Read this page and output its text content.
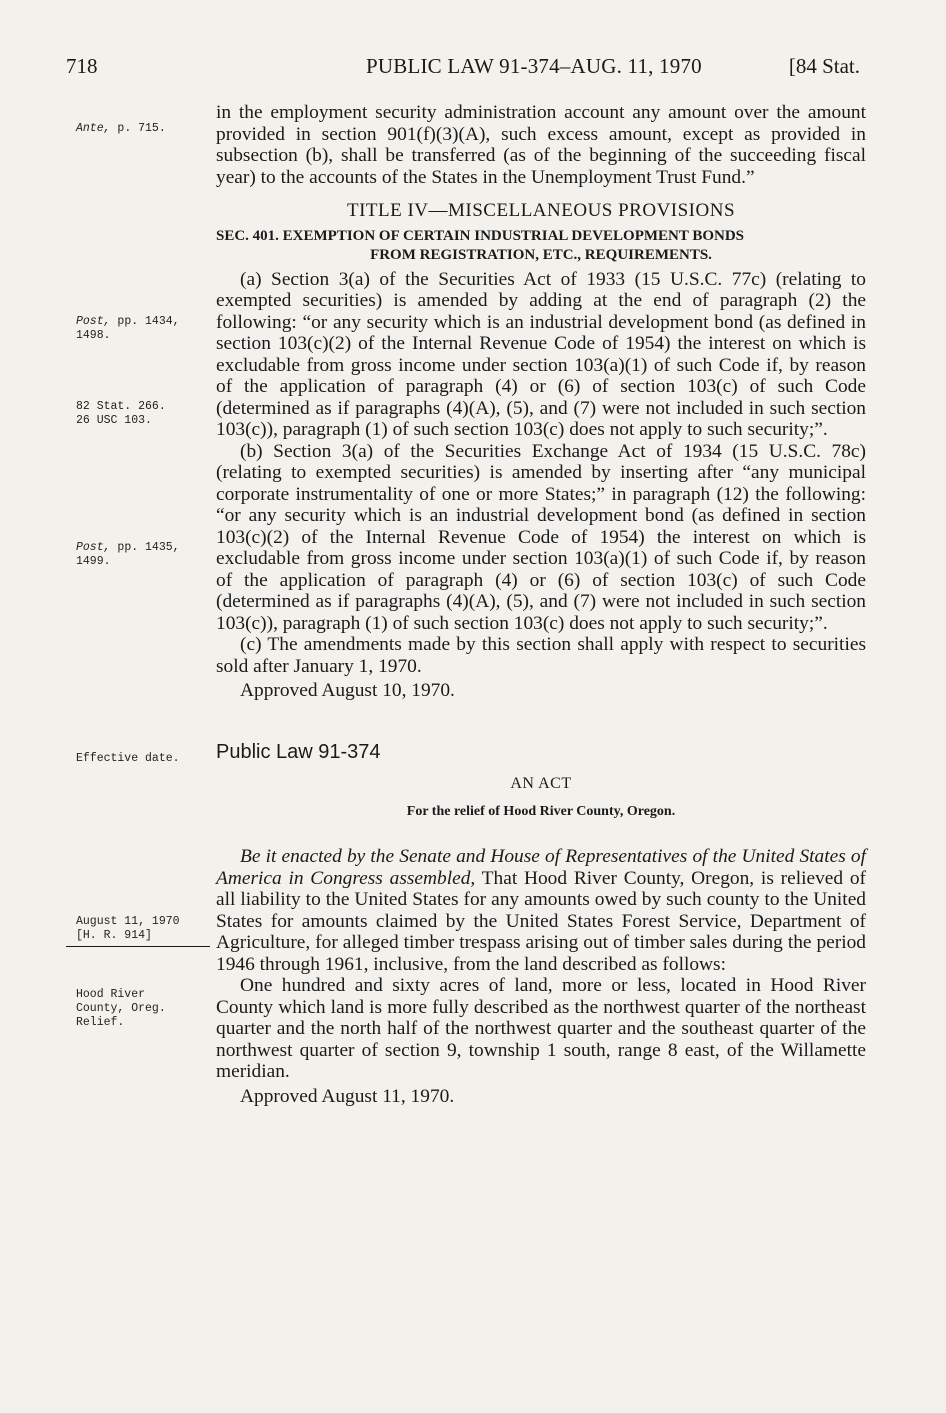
718	PUBLIC LAW 91-374–AUG. 11, 1970	[84 Stat.
Ante, p. 715.
Post, pp. 1434,
1498.
82 Stat. 266.
26 USC 103.
Post, pp. 1435,
1499.
Effective date.
August 11, 1970
[H. R. 914]
Hood River
County, Oreg.
Relief.

in the employment security administration account any amount over the amount provided in section 901(f)(3)(A), such excess amount, except as provided in subsection (b), shall be transferred (as of the beginning of the succeeding fiscal year) to the accounts of the States in the Unemployment Trust Fund.”

TITLE IV—MISCELLANEOUS PROVISIONS
SEC. 401. EXEMPTION OF CERTAIN INDUSTRIAL DEVELOPMENT BONDS
FROM REGISTRATION, ETC., REQUIREMENTS.

(a) Section 3(a) of the Securities Act of 1933 (15 U.S.C. 77c) (relating to exempted securities) is amended by adding at the end of paragraph (2) the following: “or any security which is an industrial development bond (as defined in section 103(c)(2) of the Internal Revenue Code of 1954) the interest on which is excludable from gross income under section 103(a)(1) of such Code if, by reason of the application of paragraph (4) or (6) of section 103(c) of such Code (determined as if paragraphs (4)(A), (5), and (7) were not included in such section 103(c)), paragraph (1) of such section 103(c) does not apply to such security;”.

(b) Section 3(a) of the Securities Exchange Act of 1934 (15 U.S.C. 78c) (relating to exempted securities) is amended by inserting after “any municipal corporate instrumentality of one or more States;” in paragraph (12) the following: “or any security which is an industrial development bond (as defined in section 103(c)(2) of the Internal Revenue Code of 1954) the interest on which is excludable from gross income under section 103(a)(1) of such Code if, by reason of the application of paragraph (4) or (6) of section 103(c) of such Code (determined as if paragraphs (4)(A), (5), and (7) were not included in such section 103(c)), paragraph (1) of such section 103(c) does not apply to such security;”.

(c) The amendments made by this section shall apply with respect to securities sold after January 1, 1970.

Approved August 10, 1970.
Public Law 91-374
AN ACT
For the relief of Hood River County, Oregon.

Be it enacted by the Senate and House of Representatives of the United States of America in Congress assembled, That Hood River County, Oregon, is relieved of all liability to the United States for any amounts owed by such county to the United States for amounts claimed by the United States Forest Service, Department of Agriculture, for alleged timber trespass arising out of timber sales during the period 1946 through 1961, inclusive, from the land described as follows:

One hundred and sixty acres of land, more or less, located in Hood River County which land is more fully described as the northwest quarter of the northeast quarter and the north half of the northwest quarter and the southeast quarter of the northwest quarter of section 9, township 1 south, range 8 east, of the Willamette meridian.

Approved August 11, 1970.
